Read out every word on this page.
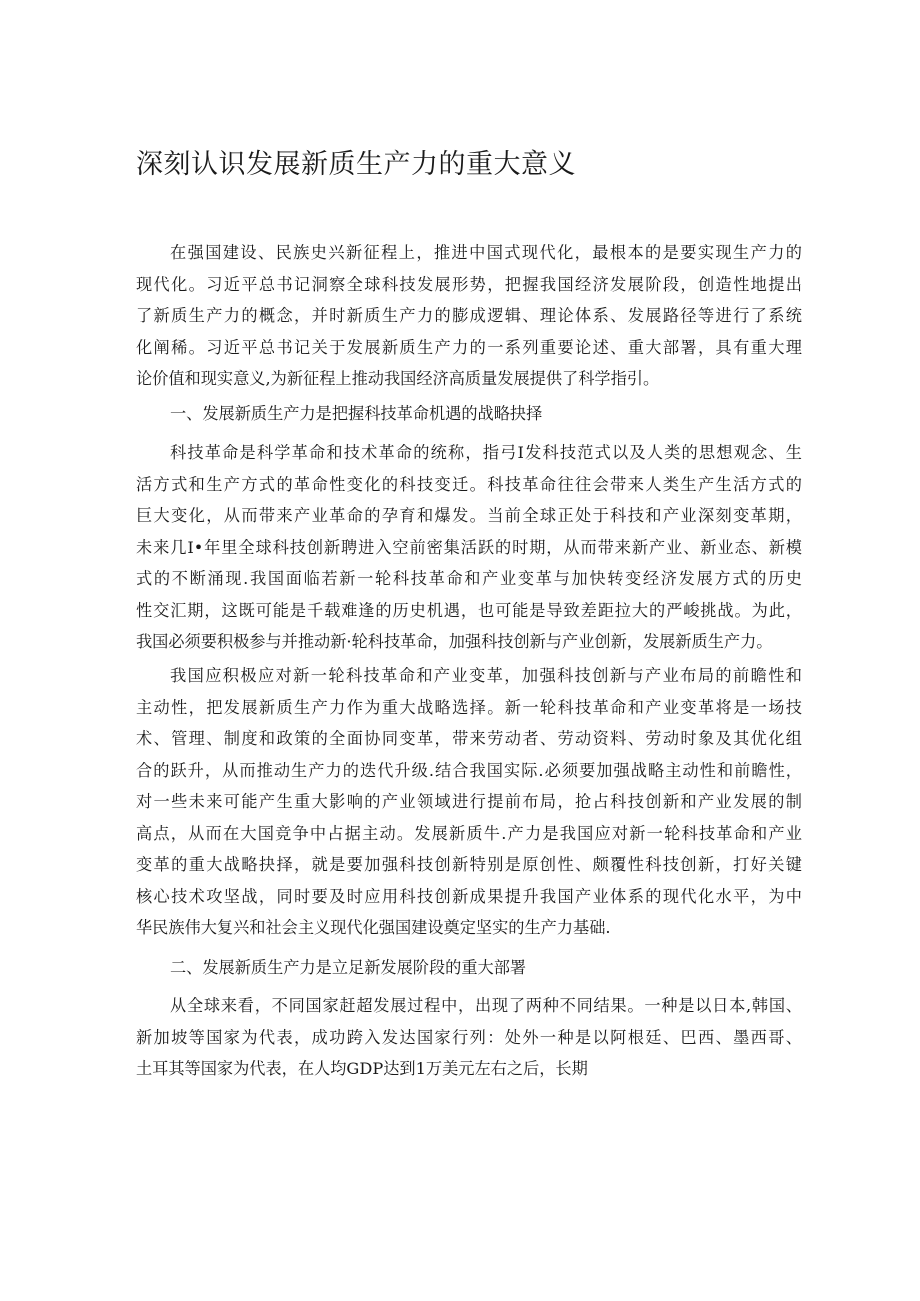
深刻认识发展新质生产力的重大意义
在强国建设、民族史兴新征程上，推进中国式现代化，最根本的是要实现生产力的
现代化。习近平总书记洞察全球科技发展形势，把握我国经济发展阶段，创造性地提出
了新质生产力的概念，并时新质生产力的膨成逻辑、理论体系、发展路径等进行了系统
化阐稀。习近平总书记关于发展新质生产力的一系列重要论述、重大部署，具有重大理
论价值和现实意义,为新征程上推动我国经济高质量发展提供了科学指引。
一、发展新质生产力是把握科技革命机遇的战略抉择
科技革命是科学革命和技术革命的统称，指弓I发科技范式以及人类的思想观念、生
活方式和生产方式的革命性变化的科技变迁。科技革命往往会带来人类生产生活方式的
巨大变化，从而带来产业革命的孕育和爆发。当前全球正处于科技和产业深刻变革期，
未来几I•年里全球科技创新聘进入空前密集活跃的时期，从而带来新产业、新业态、新模
式的不断涌现.我国面临若新一轮科技革命和产业变革与加快转变经济发展方式的历史
性交汇期，这既可能是千载难逢的历史机遇，也可能是导致差距拉大的严峻挑战。为此，
我国必须要积极参与并推动新·轮科技革命，加强科技创新与产业创新，发展新质生产力。
我国应积极应对新一轮科技革命和产业变革，加强科技创新与产业布局的前瞻性和
主动性，把发展新质生产力作为重大战略选择。新一轮科技革命和产业变革将是一场技
术、管理、制度和政策的全面协同变革，带来劳动者、劳动资料、劳动时象及其优化组
合的跃升，从而推动生产力的迭代升级.结合我国实际.必须要加强战略主动性和前瞻性，
对一些未来可能产生重大影响的产业领域进行提前布局，抢占科技创新和产业发展的制
高点，从而在大国竞争中占据主动。发展新质牛.产力是我国应对新一轮科技革命和产业
变革的重大战略抉择，就是要加强科技创新特别是原创性、颇覆性科技创新，打好关键
核心技术攻坚战，同时要及时应用科技创新成果提升我国产业体系的现代化水平，为中
华民族伟大复兴和社会主义现代化强国建设奠定坚实的生产力基础.
二、发展新质生产力是立足新发展阶段的重大部署
从全球来看，不同国家赶超发展过程中，出现了两种不同结果。一种是以日本,韩国、
新加坡等国家为代表，成功跨入发达国家行列：处外一种是以阿根廷、巴西、墨西哥、
土耳其等国家为代表，在人均GDP达到1万美元左右之后，长期
